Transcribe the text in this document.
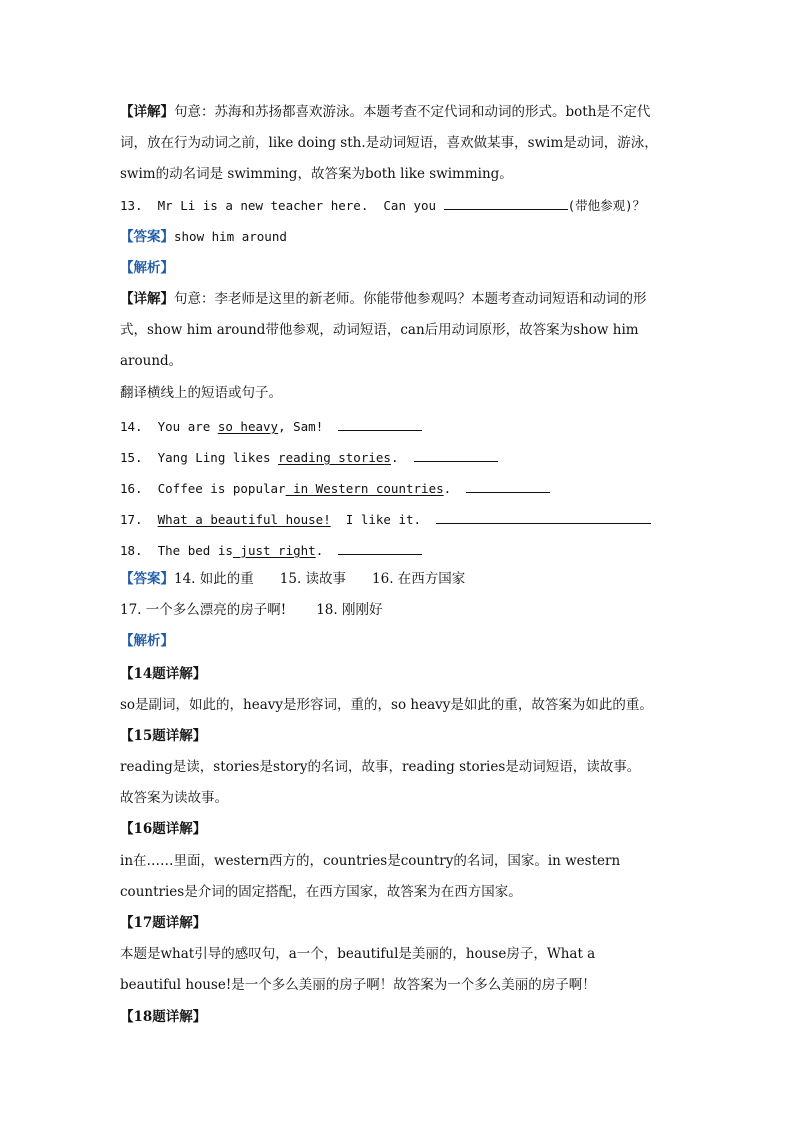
【详解】句意：苏海和苏扬都喜欢游泳。本题考查不定代词和动词的形式。both是不定代

词，放在行为动词之前，like doing sth.是动词短语，喜欢做某事，swim是动词，游泳，

swim的动名词是 swimming，故答案为both like swimming。

13.  Mr Li is a new teacher here.  Can you	(带他参观)？

【答案】show him around

【解析】

【详解】句意：李老师是这里的新老师。你能带他参观吗？本题考查动词短语和动词的形

式，show him around带他参观，动词短语，can后用动词原形，故答案为show him

around。

翻译横线上的短语或句子。

14.  You are so heavy, Sam!

15.  Yang Ling likes reading stories.

16.  Coffee is popular in Western countries.

17.  What a beautiful house!  I like it.

18.  The bed is just right.

【答案】14. 如此的重 15. 读故事 16. 在西方国家

17. 一个多么漂亮的房子啊! 18. 刚刚好

【解析】

【14题详解】

so是副词，如此的，heavy是形容词，重的，so heavy是如此的重，故答案为如此的重。

【15题详解】

reading是读，stories是story的名词，故事，reading stories是动词短语，读故事。

故答案为读故事。

【16题详解】

in在……里面，western西方的，countries是country的名词，国家。in western

countries是介词的固定搭配，在西方国家，故答案为在西方国家。

【17题详解】

本题是what引导的感叹句，a一个，beautiful是美丽的，house房子，What a

beautiful house!是一个多么美丽的房子啊！故答案为一个多么美丽的房子啊！

【18题详解】
